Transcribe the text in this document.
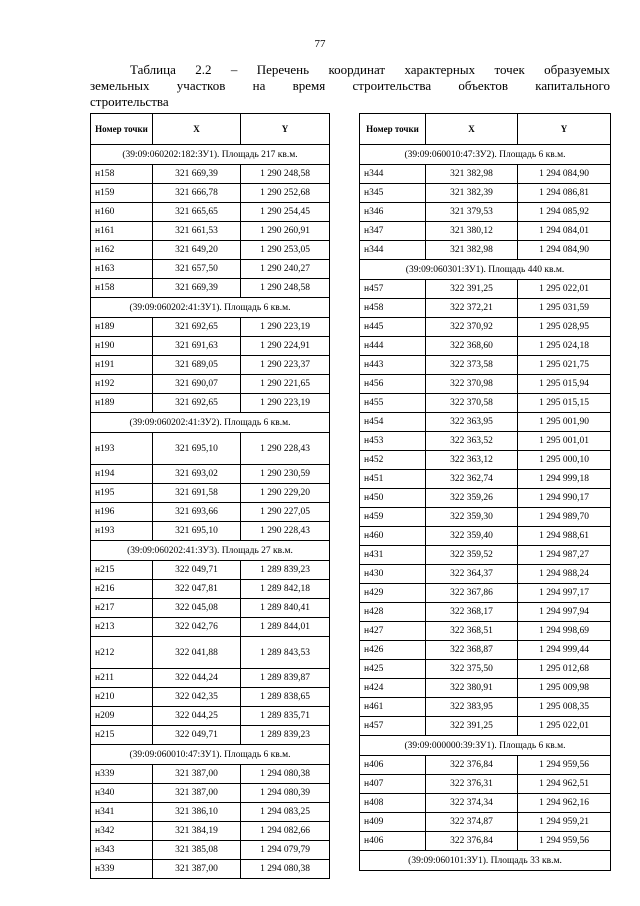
77
Таблица 2.2 – Перечень координат характерных точек образуемых
земельных участков на время строительства объектов капитального
строительства
Номер точки	X	Y
(39:09:060202:182:ЗУ1). Площадь 217 кв.м.		
н158	321 669,39	1 290 248,58
н159	321 666,78	1 290 252,68
н160	321 665,65	1 290 254,45
н161	321 661,53	1 290 260,91
н162	321 649,20	1 290 253,05
н163	321 657,50	1 290 240,27
н158	321 669,39	1 290 248,58
(39:09:060202:41:ЗУ1). Площадь 6 кв.м.		
н189	321 692,65	1 290 223,19
н190	321 691,63	1 290 224,91
н191	321 689,05	1 290 223,37
н192	321 690,07	1 290 221,65
н189	321 692,65	1 290 223,19
(39:09:060202:41:ЗУ2). Площадь 6 кв.м.		
н193	321 695,10	1 290 228,43
н194	321 693,02	1 290 230,59
н195	321 691,58	1 290 229,20
н196	321 693,66	1 290 227,05
н193	321 695,10	1 290 228,43
(39:09:060202:41:ЗУ3). Площадь 27 кв.м.		
н215	322 049,71	1 289 839,23
н216	322 047,81	1 289 842,18
н217	322 045,08	1 289 840,41
н213	322 042,76	1 289 844,01
н212	322 041,88	1 289 843,53
н211	322 044,24	1 289 839,87
н210	322 042,35	1 289 838,65
н209	322 044,25	1 289 835,71
н215	322 049,71	1 289 839,23
(39:09:060010:47:ЗУ1). Площадь 6 кв.м.		
н339	321 387,00	1 294 080,38
н340	321 387,00	1 294 080,39
н341	321 386,10	1 294 083,25
н342	321 384,19	1 294 082,66
н343	321 385,08	1 294 079,79
н339	321 387,00	1 294 080,38
Номер точки	X	Y
(39:09:060010:47:ЗУ2). Площадь 6 кв.м.		
н344	321 382,98	1 294 084,90
н345	321 382,39	1 294 086,81
н346	321 379,53	1 294 085,92
н347	321 380,12	1 294 084,01
н344	321 382,98	1 294 084,90
(39:09:060301:ЗУ1). Площадь 440 кв.м.		
н457	322 391,25	1 295 022,01
н458	322 372,21	1 295 031,59
н445	322 370,92	1 295 028,95
н444	322 368,60	1 295 024,18
н443	322 373,58	1 295 021,75
н456	322 370,98	1 295 015,94
н455	322 370,58	1 295 015,15
н454	322 363,95	1 295 001,90
н453	322 363,52	1 295 001,01
н452	322 363,12	1 295 000,10
н451	322 362,74	1 294 999,18
н450	322 359,26	1 294 990,17
н459	322 359,30	1 294 989,70
н460	322 359,40	1 294 988,61
н431	322 359,52	1 294 987,27
н430	322 364,37	1 294 988,24
н429	322 367,86	1 294 997,17
н428	322 368,17	1 294 997,94
н427	322 368,51	1 294 998,69
н426	322 368,87	1 294 999,44
н425	322 375,50	1 295 012,68
н424	322 380,91	1 295 009,98
н461	322 383,95	1 295 008,35
н457	322 391,25	1 295 022,01
(39:09:000000:39:ЗУ1). Площадь 6 кв.м.		
н406	322 376,84	1 294 959,56
н407	322 376,31	1 294 962,51
н408	322 374,34	1 294 962,16
н409	322 374,87	1 294 959,21
н406	322 376,84	1 294 959,56
(39:09:060101:ЗУ1). Площадь 33 кв.м.		
